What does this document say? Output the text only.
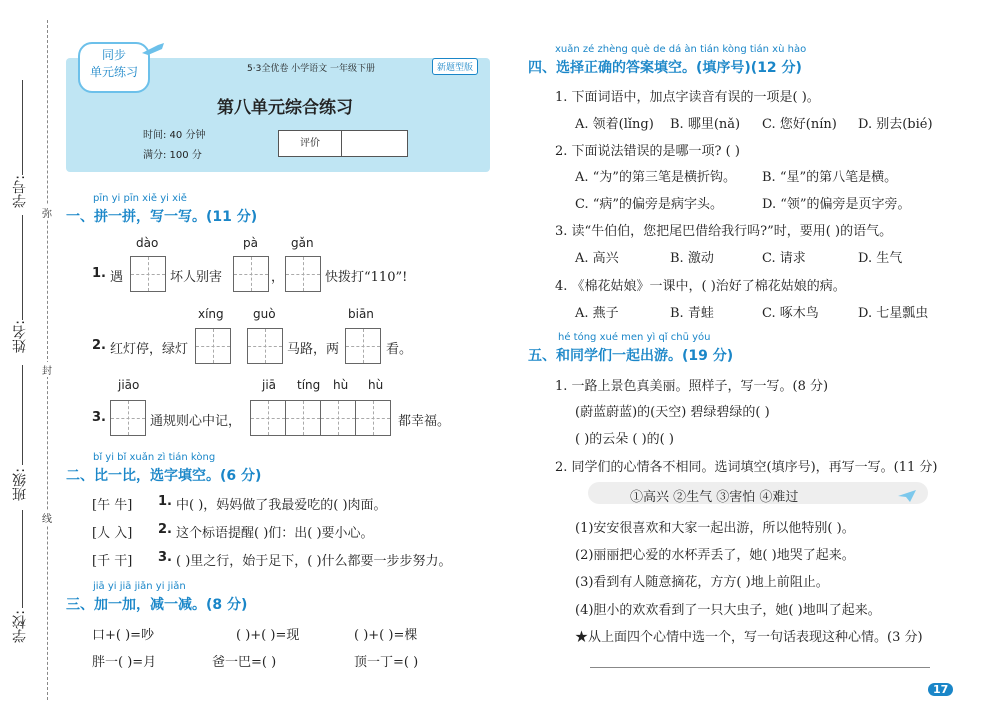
学号:
姓名:
班级:
学校:
弥
封
线
同步
单元练习	5·3全优卷 小学语文 一年级下册	新题型版
第八单元综合练习
时间: 40 分钟
满分: 100 分
评价
pīn yi pīn xiě yi xiě
一、拼一拼，写一写。(11 分)
dào	pà	gǎn
1. 遇	坏人别害	，	快拨打“110”!
xíng guò	biān
2. 红灯停，绿灯	马路，两	看。
jiāo	jiā tíng hù hù
3.	通规则心中记，	都幸福。
bǐ yi bǐ xuǎn zì tián kòng
二、比一比，选字填空。(6 分)
[午 牛] 1. 中( )，妈妈做了我最爱吃的( )肉面。
[人 入] 2. 这个标语提醒( )们：出( )要小心。
[千 干] 3. ( )里之行，始于足下，( )什么都要一步步努力。
jiā yi jiā jiǎn yi jiǎn
三、加一加，减一减。(8 分)
口+( )=吵	( )+( )=现	( )+( )=棵
胖一( )=月	爸一巴=( )	顶一丁=( )
xuǎn zé zhèng què de dá àn tián kòng tián xù hào
四、选择正确的答案填空。(填序号)(12 分)
1. 下面词语中，加点字读音有误的一项是( )。
A. 领着(lǐng) B. 哪里(nǎ) C. 您好(nín) D. 别去(bié)
2. 下面说法错误的是哪一项? ( )
A. “为”的第三笔是横折钩。 B. “星”的第八笔是横。
C. “病”的偏旁是病字头。	D. “领”的偏旁是页字旁。
3. 读“牛伯伯，您把尾巴借给我行吗?”时，要用( )的语气。
A. 高兴	B. 激动	C. 请求	D. 生气
4. 《棉花姑娘》一课中，( )治好了棉花姑娘的病。
A. 燕子	B. 青蛙	C. 啄木鸟	D. 七星瓢虫
hé tóng xué men yì qǐ chū yóu
五、和同学们一起出游。(19 分)
1. 一路上景色真美丽。照样子，写一写。(8 分)
(蔚蓝蔚蓝)的(天空) 碧绿碧绿的( )
( )的云朵 ( )的( )
2. 同学们的心情各不相同。选词填空(填序号)，再写一写。(11 分)
①高兴 ②生气 ③害怕 ④难过
(1)安安很喜欢和大家一起出游，所以他特别( )。
(2)丽丽把心爱的水杯弄丢了，她( )地哭了起来。
(3)看到有人随意摘花，方方( )地上前阻止。
(4)胆小的欢欢看到了一只大虫子，她( )地叫了起来。
★从上面四个心情中选一个，写一句话表现这种心情。(3 分)
17
